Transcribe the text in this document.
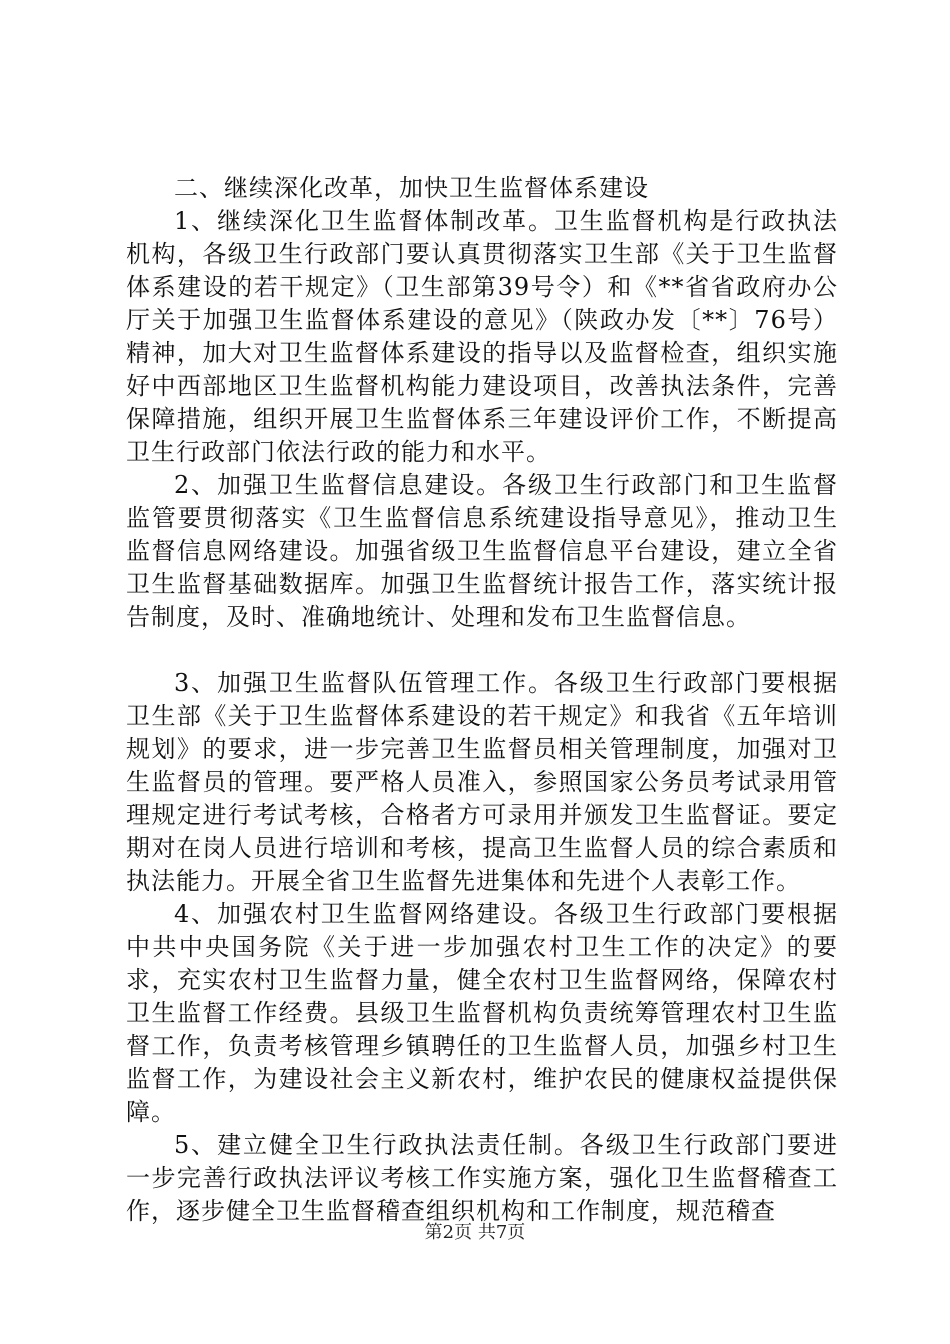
二、继续深化改革，加快卫生监督体系建设

1、继续深化卫生监督体制改革。卫生监督机构是行政执法机构，各级卫生行政部门要认真贯彻落实卫生部《关于卫生监督体系建设的若干规定》（卫生部第39号令）和《**省省政府办公厅关于加强卫生监督体系建设的意见》（陕政办发〔**〕76号）精神，加大对卫生监督体系建设的指导以及监督检查，组织实施好中西部地区卫生监督机构能力建设项目，改善执法条件，完善保障措施，组织开展卫生监督体系三年建设评价工作，不断提高卫生行政部门依法行政的能力和水平。

2、加强卫生监督信息建设。各级卫生行政部门和卫生监督监管要贯彻落实《卫生监督信息系统建设指导意见》，推动卫生监督信息网络建设。加强省级卫生监督信息平台建设，建立全省卫生监督基础数据库。加强卫生监督统计报告工作，落实统计报告制度，及时、准确地统计、处理和发布卫生监督信息。

3、加强卫生监督队伍管理工作。各级卫生行政部门要根据卫生部《关于卫生监督体系建设的若干规定》和我省《五年培训规划》的要求，进一步完善卫生监督员相关管理制度，加强对卫生监督员的管理。要严格人员准入，参照国家公务员考试录用管理规定进行考试考核，合格者方可录用并颁发卫生监督证。要定期对在岗人员进行培训和考核，提高卫生监督人员的综合素质和执法能力。开展全省卫生监督先进集体和先进个人表彰工作。

4、加强农村卫生监督网络建设。各级卫生行政部门要根据中共中央国务院《关于进一步加强农村卫生工作的决定》的要求，充实农村卫生监督力量，健全农村卫生监督网络，保障农村卫生监督工作经费。县级卫生监督机构负责统筹管理农村卫生监督工作，负责考核管理乡镇聘任的卫生监督人员，加强乡村卫生监督工作，为建设社会主义新农村，维护农民的健康权益提供保障。

5、建立健全卫生行政执法责任制。各级卫生行政部门要进一步完善行政执法评议考核工作实施方案，强化卫生监督稽查工作，逐步健全卫生监督稽查组织机构和工作制度，规范稽查

第2页 共7页
